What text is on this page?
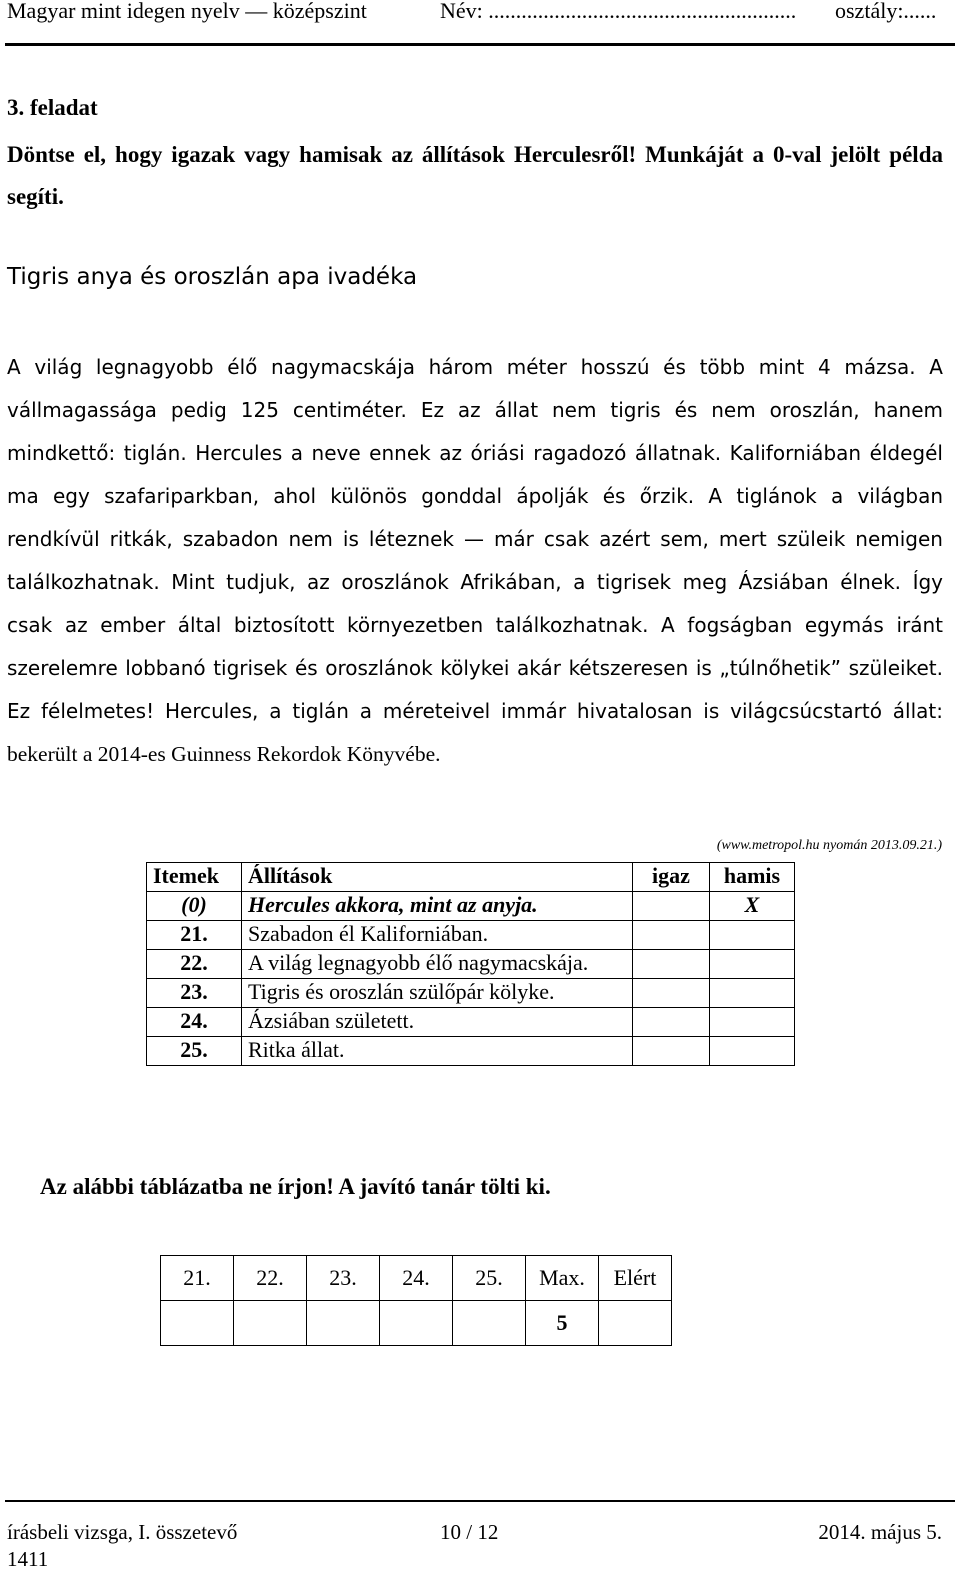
Magyar mint idegen nyelv — középszint	Név: ........................................................ osztály:......
3. feladat
Döntse el, hogy igazak vagy hamisak az állítások Herculesről! Munkáját a 0-val jelölt példa segíti.
Tigris anya és oroszlán apa ivadéka
A világ legnagyobb élő nagymacskája három méter hosszú és több mint 4 mázsa. A
vállmagassága pedig 125 centiméter. Ez az állat nem tigris és nem oroszlán, hanem
mindkettő: tiglán. Hercules a neve ennek az óriási ragadozó állatnak. Kaliforniában éldegél
ma egy szafariparkban, ahol különös gonddal ápolják és őrzik. A tiglánok a világban
rendkívül ritkák, szabadon nem is léteznek — már csak azért sem, mert szüleik nemigen
találkozhatnak. Mint tudjuk, az oroszlánok Afrikában, a tigrisek meg Ázsiában élnek. Így
csak az ember által biztosított környezetben találkozhatnak. A fogságban egymás iránt
szerelemre lobbanó tigrisek és oroszlánok kölykei akár kétszeresen is „túlnőhetik” szüleiket.
Ez félelmetes! Hercules, a tiglán a méreteivel immár hivatalosan is világcsúcstartó állat:
bekerült a 2014-es Guinness Rekordok Könyvébe.
(www.metropol.hu nyomán 2013.09.21.)
Itemek	Állítások	igaz	hamis
(0)	Hercules akkora, mint az anyja.		X
21.	Szabadon él Kaliforniában.		
22.	A világ legnagyobb élő nagymacskája.		
23.	Tigris és oroszlán szülőpár kölyke.		
24.	Ázsiában született.		
25.	Ritka állat.		
Az alábbi táblázatba ne írjon! A javító tanár tölti ki.
21.	22.	23.	24.	25.	Max.	Elért
					5	
írásbeli vizsga, I. összetevő	10 / 12	2014. május 5.
1411
